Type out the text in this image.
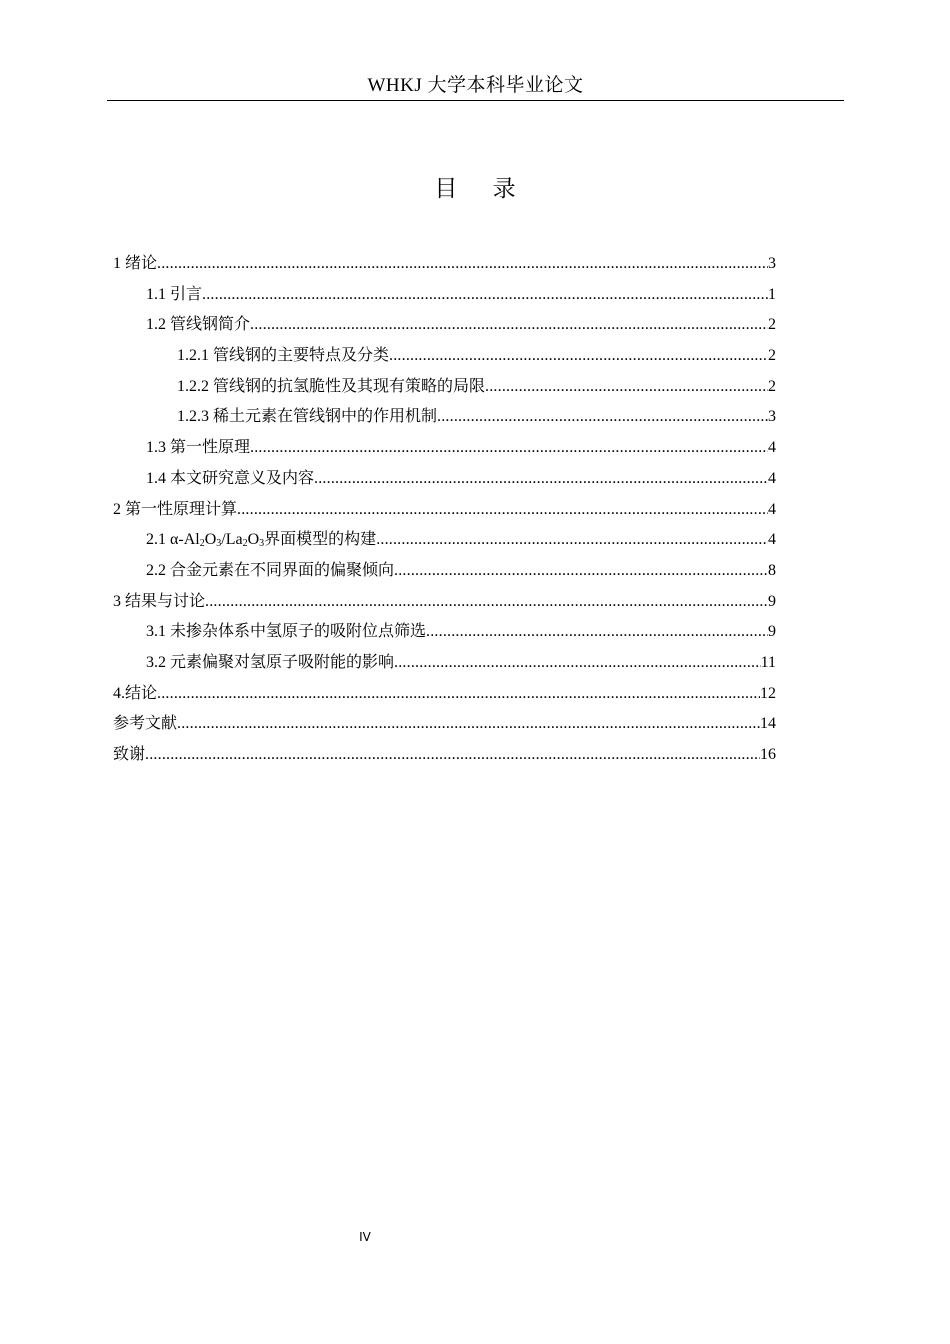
WHKJ 大学本科毕业论文
目 录
1 绪论 .....	3
1.1 引言 .....	1
1.2 管线钢简介 .....	2
1.2.1 管线钢的主要特点及分类 .....	2
1.2.2 管线钢的抗氢脆性及其现有策略的局限 .....	2
1.2.3 稀土元素在管线钢中的作用机制 .....	3
1.3 第一性原理 .....	4
1.4 本文研究意义及内容 .....	4
2 第一性原理计算 .....	4
2.1 $\alpha-Al_2O_3/La_2O_3$界面模型的构建 .....	4
2.2 合金元素在不同界面的偏聚倾向 .....	8
3 结果与讨论 .....	9
3.1 未掺杂体系中氢原子的吸附位点筛选 .....	9
3.2 元素偏聚对氢原子吸附能的影响 .....	11
4.结论 .....	12
参考文献 .....	14
致谢 .....	16
IV
